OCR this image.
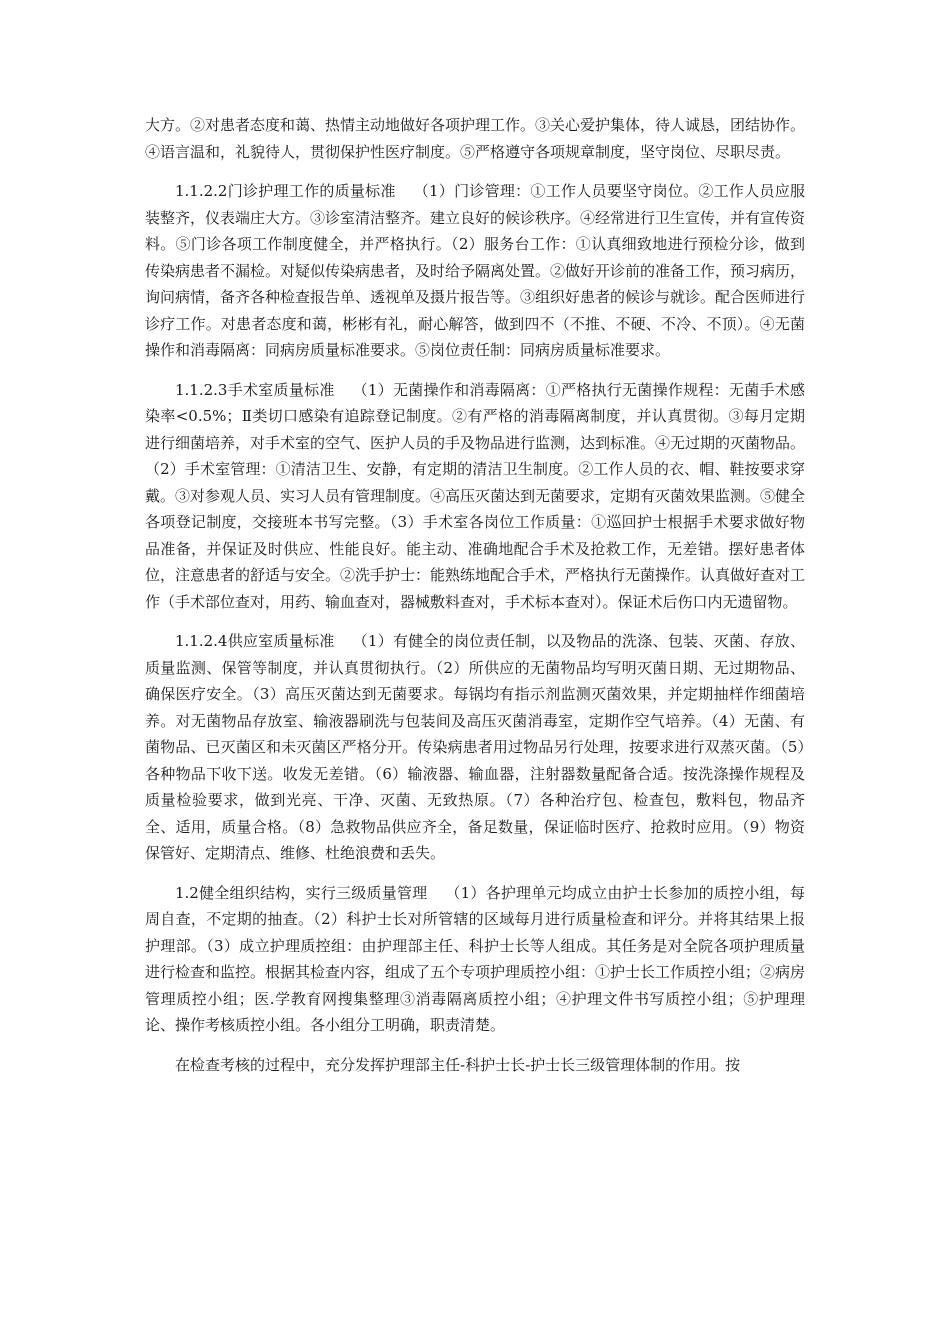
大方。②对患者态度和蔼、热情主动地做好各项护理工作。③关心爱护集体，待人诚恳，团结协作。④语言温和，礼貌待人，贯彻保护性医疗制度。⑤严格遵守各项规章制度，坚守岗位、尽职尽责。

1.1.2.2门诊护理工作的质量标准 （1）门诊管理：①工作人员要坚守岗位。②工作人员应服装整齐，仪表端庄大方。③诊室清洁整齐。建立良好的候诊秩序。④经常进行卫生宣传，并有宣传资料。⑤门诊各项工作制度健全，并严格执行。（2）服务台工作：①认真细致地进行预检分诊，做到传染病患者不漏检。对疑似传染病患者，及时给予隔离处置。②做好开诊前的准备工作，预习病历，询问病情，备齐各种检查报告单、透视单及摄片报告等。③组织好患者的候诊与就诊。配合医师进行诊疗工作。对患者态度和蔼，彬彬有礼，耐心解答，做到四不（不推、不硬、不冷、不顶）。④无菌操作和消毒隔离：同病房质量标准要求。⑤岗位责任制：同病房质量标准要求。

1.1.2.3手术室质量标准 （1）无菌操作和消毒隔离：①严格执行无菌操作规程：无菌手术感染率<0.5%；Ⅱ类切口感染有追踪登记制度。②有严格的消毒隔离制度，并认真贯彻。③每月定期进行细菌培养，对手术室的空气、医护人员的手及物品进行监测，达到标准。④无过期的灭菌物品。（2）手术室管理：①清洁卫生、安静，有定期的清洁卫生制度。②工作人员的衣、帽、鞋按要求穿戴。③对参观人员、实习人员有管理制度。④高压灭菌达到无菌要求，定期有灭菌效果监测。⑤健全各项登记制度，交接班本书写完整。（3）手术室各岗位工作质量：①巡回护士根据手术要求做好物品准备，并保证及时供应、性能良好。能主动、准确地配合手术及抢救工作，无差错。摆好患者体位，注意患者的舒适与安全。②洗手护士：能熟练地配合手术，严格执行无菌操作。认真做好查对工作（手术部位查对，用药、输血查对，器械敷料查对，手术标本查对）。保证术后伤口内无遗留物。

1.1.2.4供应室质量标准 （1）有健全的岗位责任制，以及物品的洗涤、包装、灭菌、存放、质量监测、保管等制度，并认真贯彻执行。（2）所供应的无菌物品均写明灭菌日期、无过期物品、确保医疗安全。（3）高压灭菌达到无菌要求。每锅均有指示剂监测灭菌效果，并定期抽样作细菌培养。对无菌物品存放室、输液器刷洗与包装间及高压灭菌消毒室，定期作空气培养。（4）无菌、有菌物品、已灭菌区和未灭菌区严格分开。传染病患者用过物品另行处理，按要求进行双蒸灭菌。（5）各种物品下收下送。收发无差错。（6）输液器、输血器，注射器数量配备合适。按洗涤操作规程及质量检验要求，做到光亮、干净、灭菌、无致热原。（7）各种治疗包、检查包，敷料包，物品齐全、适用，质量合格。（8）急救物品供应齐全，备足数量，保证临时医疗、抢救时应用。（9）物资保管好、定期清点、维修、杜绝浪费和丢失。

1.2健全组织结构，实行三级质量管理 （1）各护理单元均成立由护士长参加的质控小组，每周自查，不定期的抽查。（2）科护士长对所管辖的区域每月进行质量检查和评分。并将其结果上报护理部。（3）成立护理质控组：由护理部主任、科护士长等人组成。其任务是对全院各项护理质量进行检查和监控。根据其检查内容，组成了五个专项护理质控小组：①护士长工作质控小组；②病房管理质控小组；医.学教育网搜集整理③消毒隔离质控小组；④护理文件书写质控小组；⑤护理理论、操作考核质控小组。各小组分工明确，职责清楚。

在检查考核的过程中，充分发挥护理部主任-科护士长-护士长三级管理体制的作用。按
